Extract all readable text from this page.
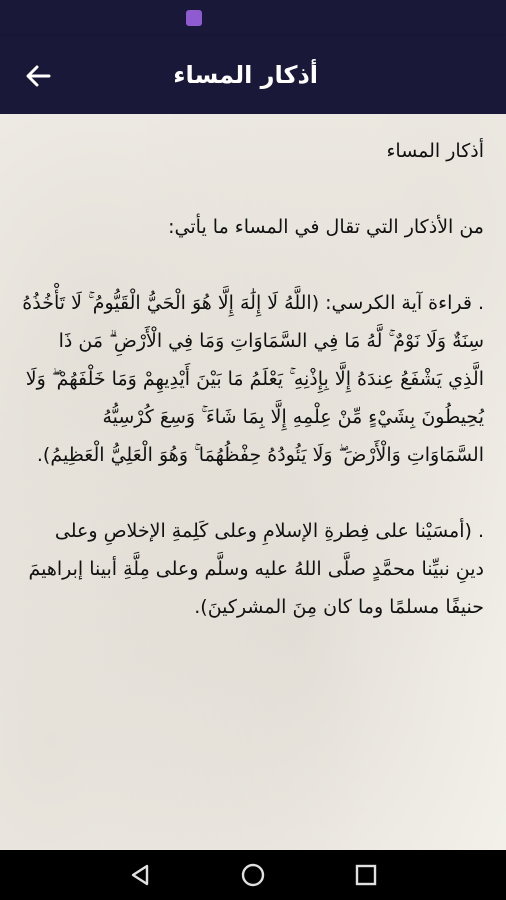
أذكار المساء

أذكار المساء

من الأذكار التي تقال في المساء ما يأتي:

. قراءة آية الكرسي: (اللَّهُ لَا إِلَٰهَ إِلَّا هُوَ الْحَيُّ الْقَيُّومُ ۚ لَا تَأْخُذُهُ سِنَةٌ وَلَا نَوْمٌ ۚ لَّهُ مَا فِي السَّمَاوَاتِ وَمَا فِي الْأَرْضِ ۗ مَن ذَا الَّذِي يَشْفَعُ عِندَهُ إِلَّا بِإِذْنِهِ ۚ يَعْلَمُ مَا بَيْنَ أَيْدِيهِمْ وَمَا خَلْفَهُمْ ۖ وَلَا يُحِيطُونَ بِشَيْءٍ مِّنْ عِلْمِهِ إِلَّا بِمَا شَاءَ ۚ وَسِعَ كُرْسِيُّهُ السَّمَاوَاتِ وَالْأَرْضَ ۖ وَلَا يَئُودُهُ حِفْظُهُمَا ۚ وَهُوَ الْعَلِيُّ الْعَظِيمُ).

. (أمسَيْنا على فِطرةِ الإسلامِ وعلى كَلِمةِ الإخلاصِ وعلى دينِ نبيِّنا محمَّدٍ صلَّى اللهُ عليه وسلَّم وعلى مِلَّةِ أبينا إبراهيمَ حنيفًا مسلمًا وما كان مِنَ المشركينَ).
